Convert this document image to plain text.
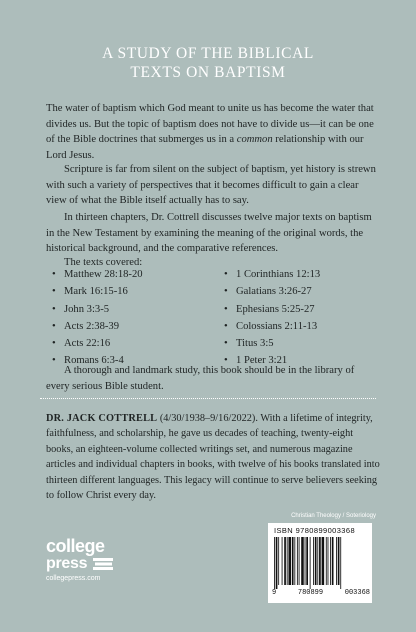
A STUDY OF THE BIBLICAL
TEXTS ON BAPTISM

The water of baptism which God meant to unite us has become the water that divides us. But the topic of baptism does not have to divide us—it can be one of the Bible doctrines that submerges us in a common relationship with our Lord Jesus.

Scripture is far from silent on the subject of baptism, yet history is strewn with such a variety of perspectives that it becomes difficult to gain a clear view of what the Bible itself actually has to say.

In thirteen chapters, Dr. Cottrell discusses twelve major texts on baptism in the New Testament by examining the meaning of the original words, the historical background, and the comparative references.

The texts covered:

• Matthew 28:18-20
• Mark 16:15-16
• John 3:3-5
• Acts 2:38-39
• Acts 22:16
• Romans 6:3-4
• 1 Corinthians 12:13
• Galatians 3:26-27
• Ephesians 5:25-27
• Colossians 2:11-13
• Titus 3:5
• 1 Peter 3:21

A thorough and landmark study, this book should be in the library of every serious Bible student.

DR. JACK COTTRELL (4/30/1938–9/16/2022). With a lifetime of integrity, faithfulness, and scholarship, he gave us decades of teaching, twenty-eight books, an eighteen-volume collected writings set, and numerous magazine articles and individual chapters in books, with twelve of his books translated into thirteen different languages. This legacy will continue to serve believers seeking to follow Christ every day.

Christian Theology / Soteriology
college
press
collegepress.com
ISBN 9780899003368
9	780899	003368
